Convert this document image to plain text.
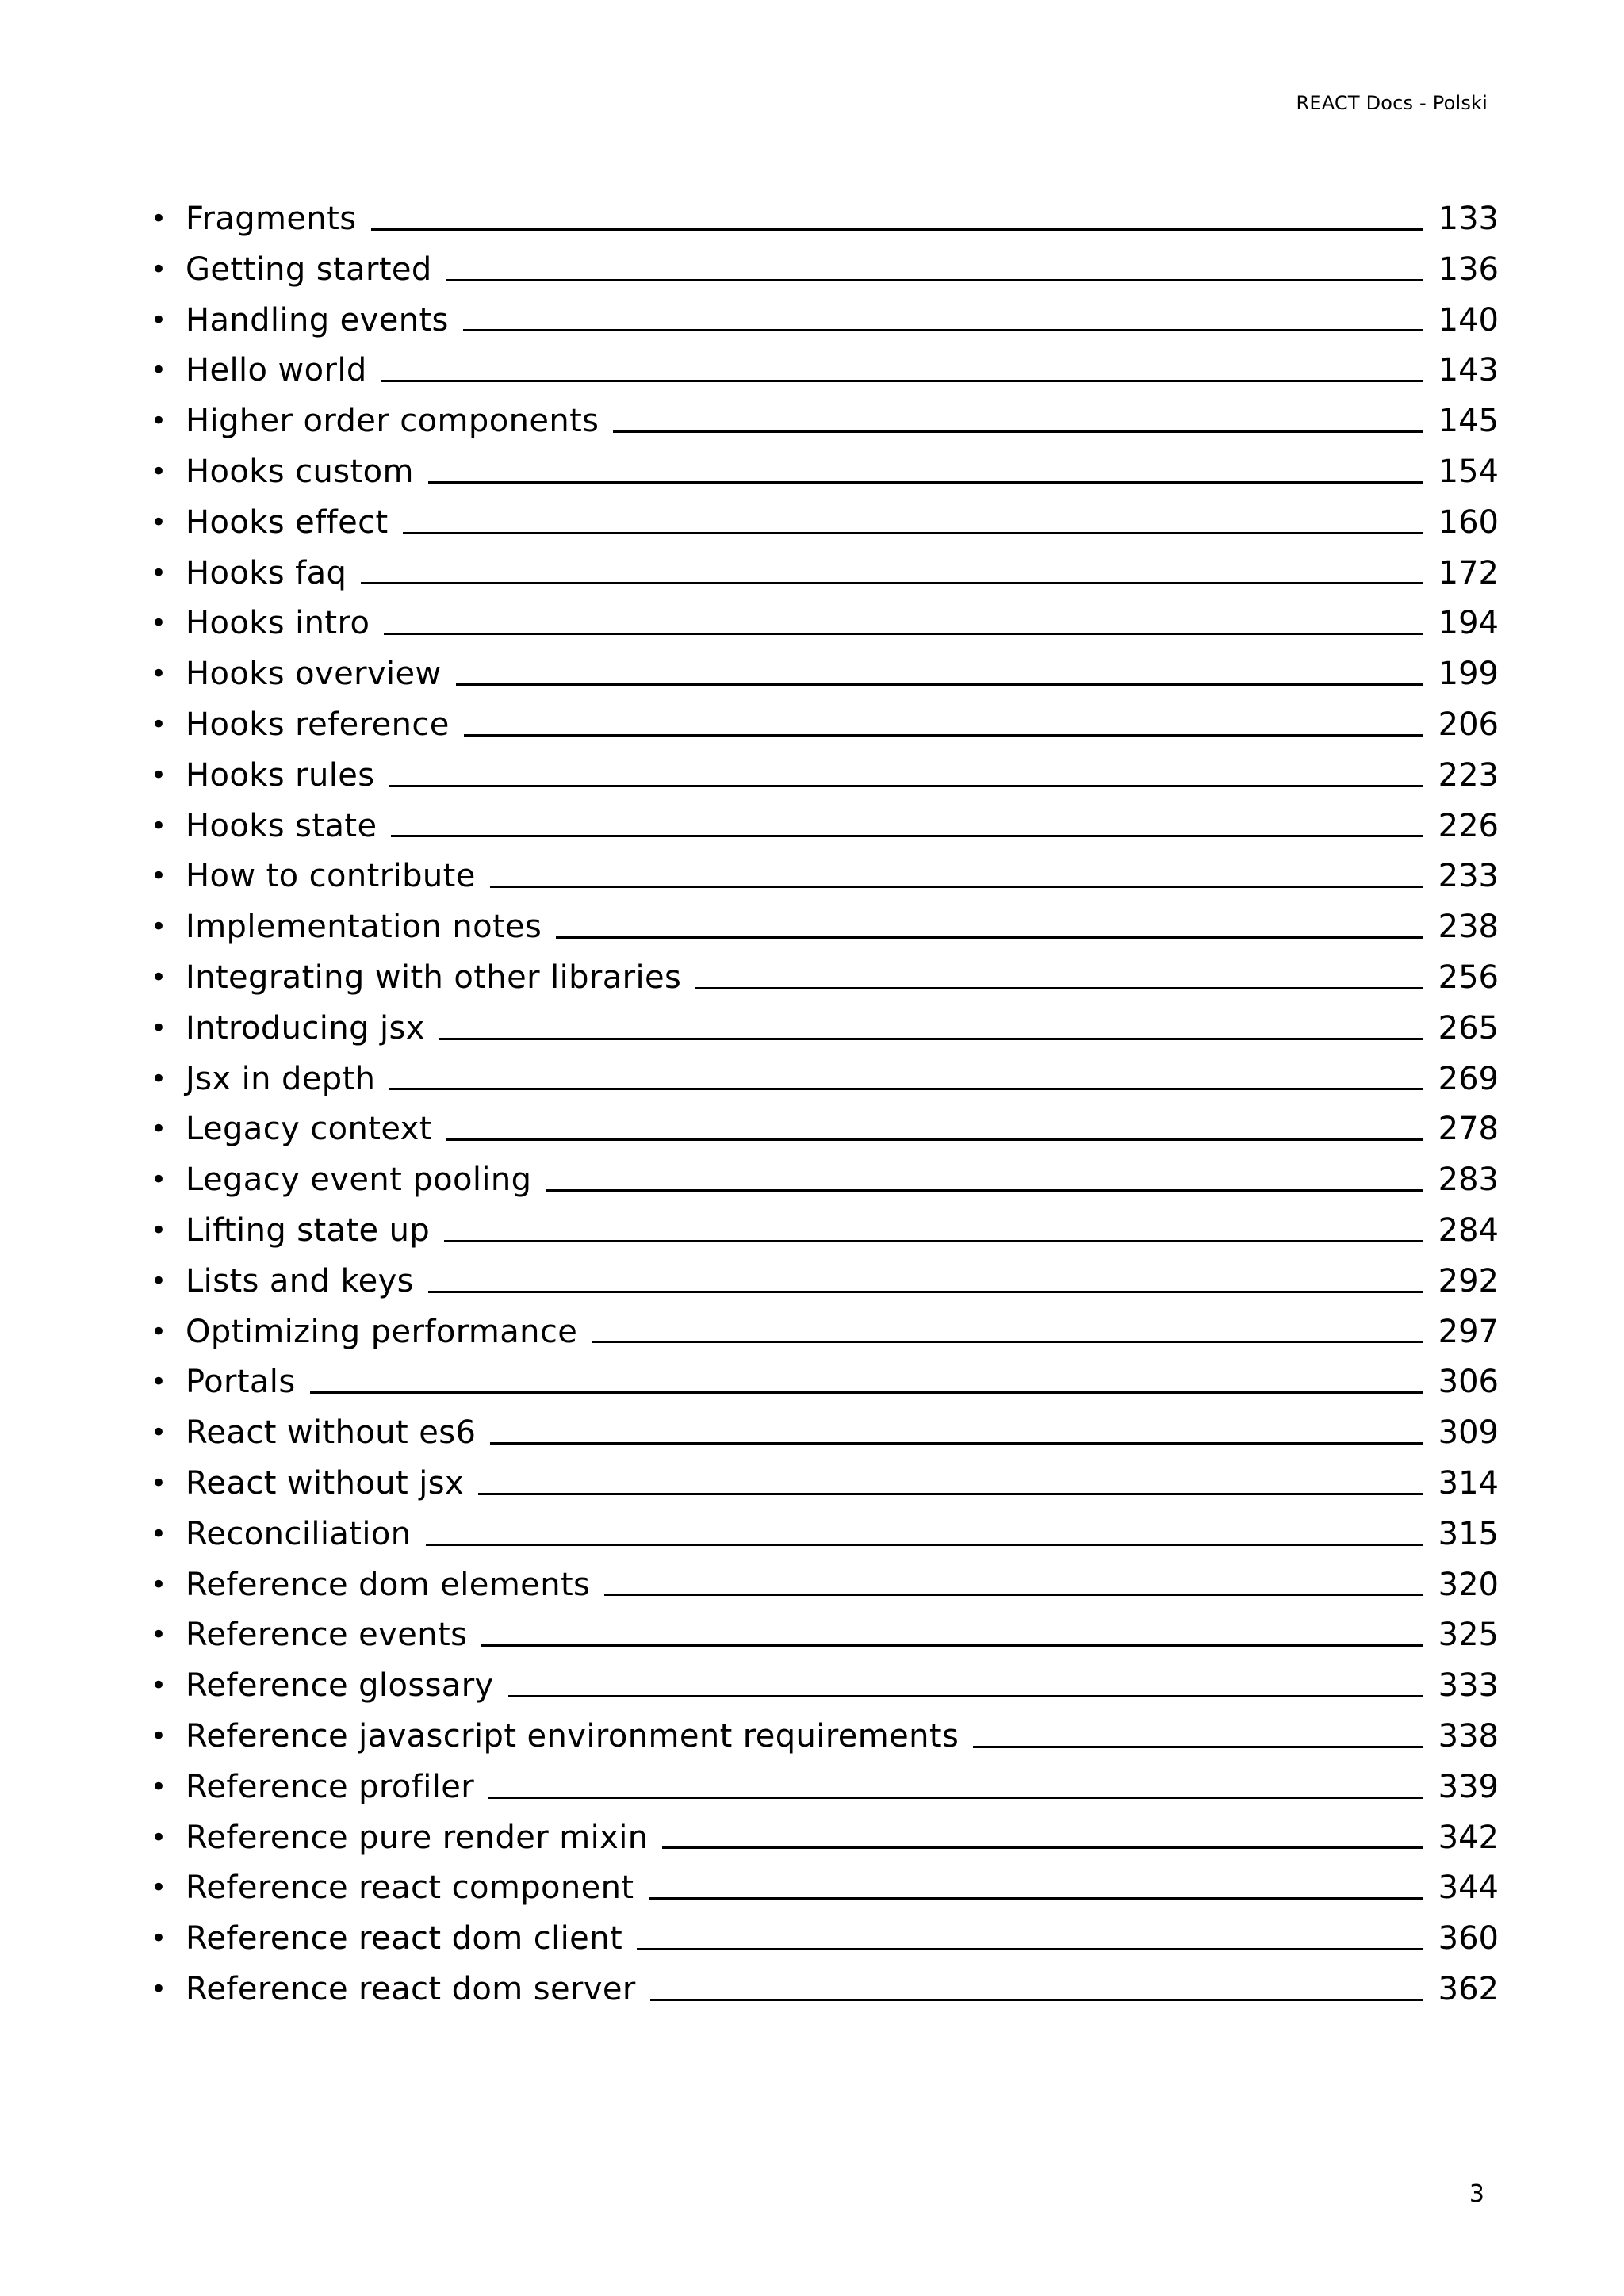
REACT Docs - Polski
• Fragments	133
• Getting started	136
• Handling events	140
• Hello world	143
• Higher order components	145
• Hooks custom	154
• Hooks effect	160
• Hooks faq	172
• Hooks intro	194
• Hooks overview	199
• Hooks reference	206
• Hooks rules	223
• Hooks state	226
• How to contribute	233
• Implementation notes	238
• Integrating with other libraries	256
• Introducing jsx	265
• Jsx in depth	269
• Legacy context	278
• Legacy event pooling	283
• Lifting state up	284
• Lists and keys	292
• Optimizing performance	297
• Portals	306
• React without es6	309
• React without jsx	314
• Reconciliation	315
• Reference dom elements	320
• Reference events	325
• Reference glossary	333
• Reference javascript environment requirements	338
• Reference profiler	339
• Reference pure render mixin	342
• Reference react component	344
• Reference react dom client	360
• Reference react dom server	362
3
